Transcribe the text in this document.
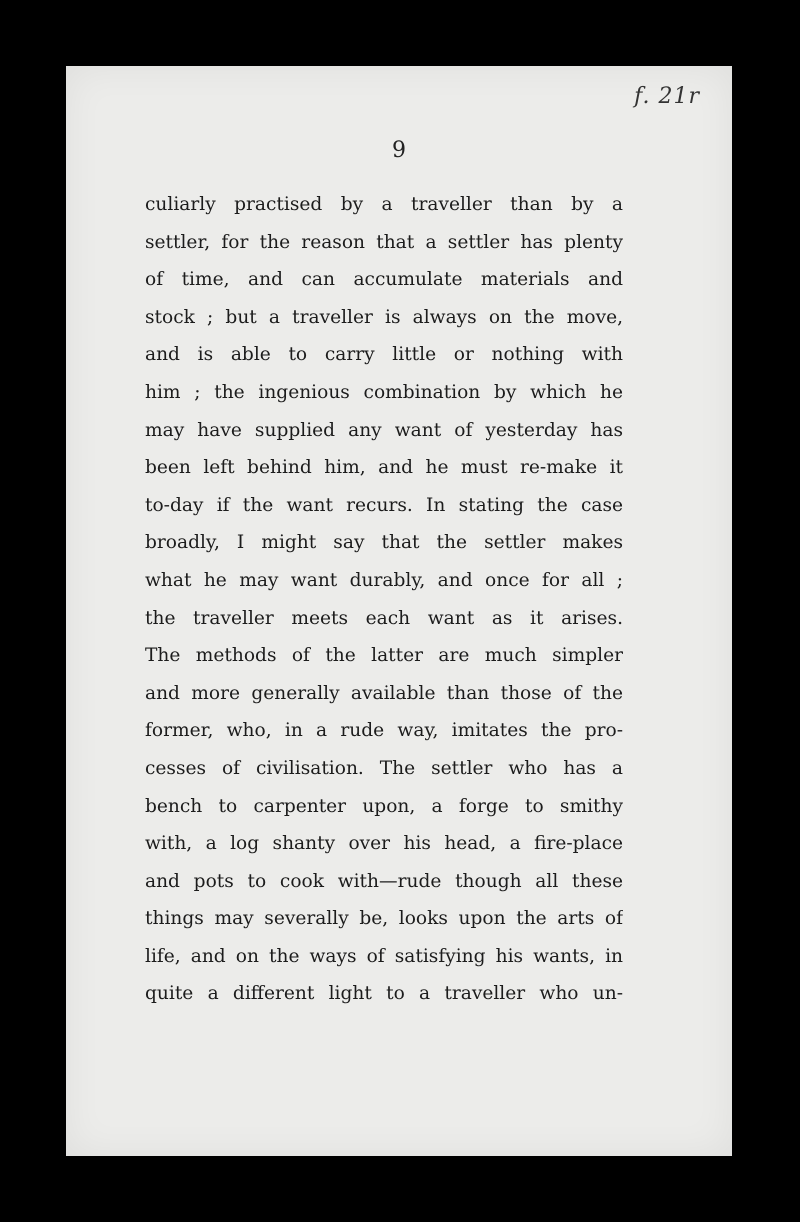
f. 21r
9
culiarly practised by a traveller than by a
settler, for the reason that a settler has plenty
of time, and can accumulate materials and
stock ; but a traveller is always on the move,
and is able to carry little or nothing with
him ; the ingenious combination by which he
may have supplied any want of yesterday has
been left behind him, and he must re-make it
to-day if the want recurs. In stating the case
broadly, I might say that the settler makes
what he may want durably, and once for all ;
the traveller meets each want as it arises.
The methods of the latter are much simpler
and more generally available than those of the
former, who, in a rude way, imitates the pro-
cesses of civilisation. The settler who has a
bench to carpenter upon, a forge to smithy
with, a log shanty over his head, a fire-place
and pots to cook with—rude though all these
things may severally be, looks upon the arts of
life, and on the ways of satisfying his wants, in
quite a different light to a traveller who un-
